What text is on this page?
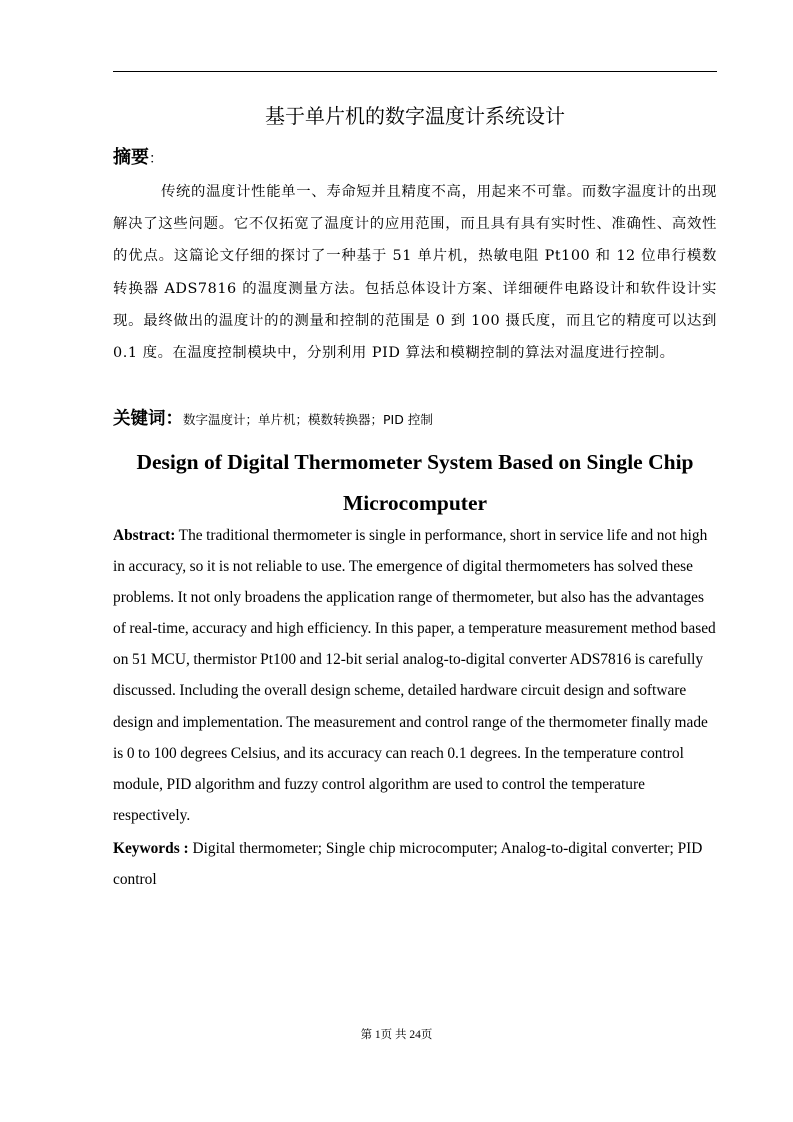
基于单片机的数字温度计系统设计
摘要：

传统的温度计性能单一、寿命短并且精度不高，用起来不可靠。而数字温度计的出现解决了这些问题。它不仅拓宽了温度计的应用范围，而且具有具有实时性、准确性、高效性的优点。这篇论文仔细的探讨了一种基于 51 单片机，热敏电阻 Pt100 和 12 位串行模数转换器 ADS7816 的温度测量方法。包括总体设计方案、详细硬件电路设计和软件设计实现。最终做出的温度计的的测量和控制的范围是 0 到 100 摄氏度，而且它的精度可以达到 0.1 度。在温度控制模块中，分别利用 PID 算法和模糊控制的算法对温度进行控制。

关键词：数字温度计；单片机；模数转换器；PID 控制
Design of Digital Thermometer System Based on Single Chip Microcomputer

Abstract: The traditional thermometer is single in performance, short in service life and not high in accuracy, so it is not reliable to use. The emergence of digital thermometers has solved these problems. It not only broadens the application range of thermometer, but also has the advantages of real-time, accuracy and high efficiency. In this paper, a temperature measurement method based on 51 MCU, thermistor Pt100 and 12-bit serial analog-to-digital converter ADS7816 is carefully discussed. Including the overall design scheme, detailed hardware circuit design and software design and implementation. The measurement and control range of the thermometer finally made is 0 to 100 degrees Celsius, and its accuracy can reach 0.1 degrees. In the temperature control module, PID algorithm and fuzzy control algorithm are used to control the temperature respectively.

Keywords : Digital thermometer; Single chip microcomputer; Analog-to-digital converter; PID control

第 1页 共 24页
